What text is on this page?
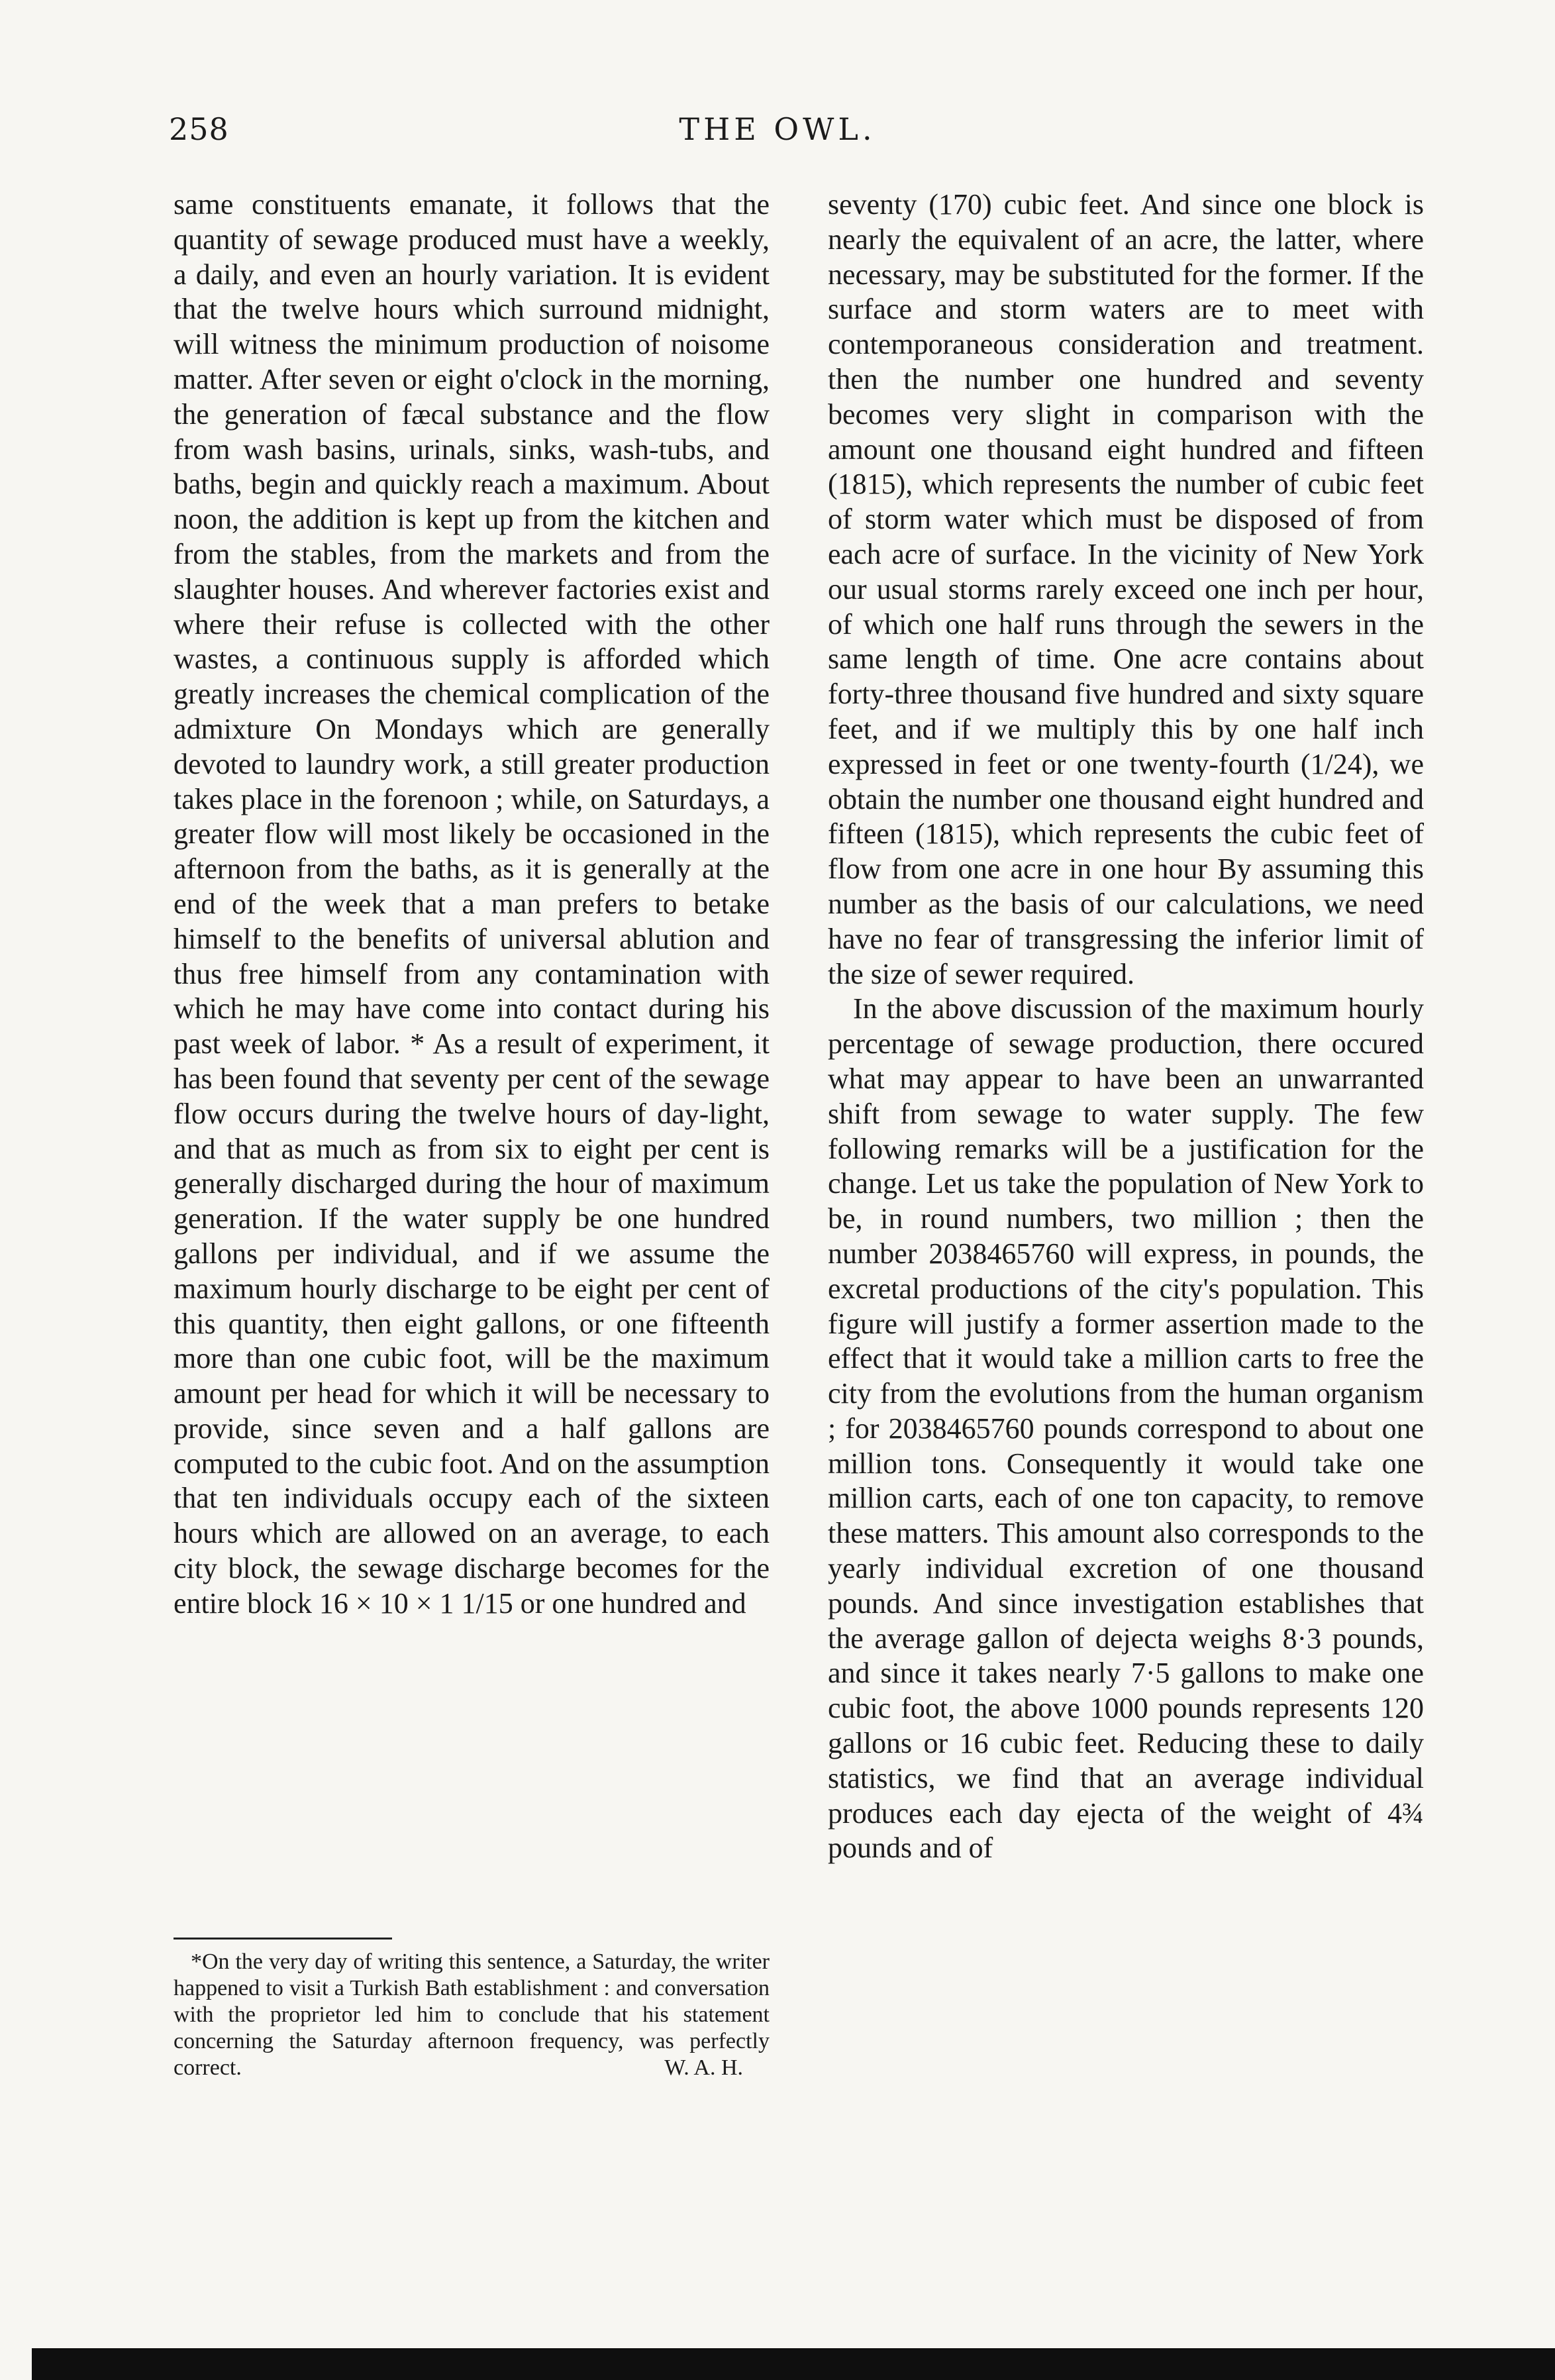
258	THE OWL.

same constituents emanate, it follows that the quantity of sewage produced must have a weekly, a daily, and even an hourly variation. It is evident that the twelve hours which surround midnight, will witness the minimum production of noisome matter. After seven or eight o'clock in the morning, the generation of fæcal substance and the flow from wash basins, urinals, sinks, wash-tubs, and baths, begin and quickly reach a maximum. About noon, the addition is kept up from the kitchen and from the stables, from the markets and from the slaughter houses. And wherever factories exist and where their refuse is collected with the other wastes, a continuous supply is afforded which greatly increases the chemical complication of the admixture On Mondays which are generally devoted to laundry work, a still greater production takes place in the forenoon ; while, on Saturdays, a greater flow will most likely be occasioned in the afternoon from the baths, as it is generally at the end of the week that a man prefers to betake himself to the benefits of universal ablution and thus free himself from any contamination with which he may have come into contact during his past week of labor. * As a result of experiment, it has been found that seventy per cent of the sewage flow occurs during the twelve hours of day-light, and that as much as from six to eight per cent is generally discharged during the hour of maximum generation. If the water supply be one hundred gallons per individual, and if we assume the maximum hourly discharge to be eight per cent of this quantity, then eight gallons, or one fifteenth more than one cubic foot, will be the maximum amount per head for which it will be necessary to provide, since seven and a half gallons are computed to the cubic foot. And on the assumption that ten individuals occupy each of the sixteen hours which are allowed on an average, to each city block, the sewage discharge becomes for the entire block 16 × 10 × 1 1/15 or one hundred and

seventy (170) cubic feet. And since one block is nearly the equivalent of an acre, the latter, where necessary, may be substituted for the former. If the surface and storm waters are to meet with contemporaneous consideration and treatment. then the number one hundred and seventy becomes very slight in comparison with the amount one thousand eight hundred and fifteen (1815), which represents the number of cubic feet of storm water which must be disposed of from each acre of surface. In the vicinity of New York our usual storms rarely exceed one inch per hour, of which one half runs through the sewers in the same length of time. One acre contains about forty-three thousand five hundred and sixty square feet, and if we multiply this by one half inch expressed in feet or one twenty-fourth (1/24), we obtain the number one thousand eight hundred and fifteen (1815), which represents the cubic feet of flow from one acre in one hour By assuming this number as the basis of our calculations, we need have no fear of transgressing the inferior limit of the size of sewer required.

In the above discussion of the maximum hourly percentage of sewage production, there occured what may appear to have been an unwarranted shift from sewage to water supply. The few following remarks will be a justification for the change. Let us take the population of New York to be, in round numbers, two million ; then the number 2038465760 will express, in pounds, the excretal productions of the city's population. This figure will justify a former assertion made to the effect that it would take a million carts to free the city from the evolutions from the human organism ; for 2038465760 pounds correspond to about one million tons. Consequently it would take one million carts, each of one ton capacity, to remove these matters. This amount also corresponds to the yearly individual excretion of one thousand pounds. And since investigation establishes that the average gallon of dejecta weighs 8·3 pounds, and since it takes nearly 7·5 gallons to make one cubic foot, the above 1000 pounds represents 120 gallons or 16 cubic feet. Reducing these to daily statistics, we find that an average individual produces each day ejecta of the weight of 4¾ pounds and of

*On the very day of writing this sentence, a Saturday, the writer happened to visit a Turkish Bath establishment : and conversation with the proprietor led him to conclude that his statement concerning the Saturday afternoon frequency, was perfectly correct.	W. A. H.
